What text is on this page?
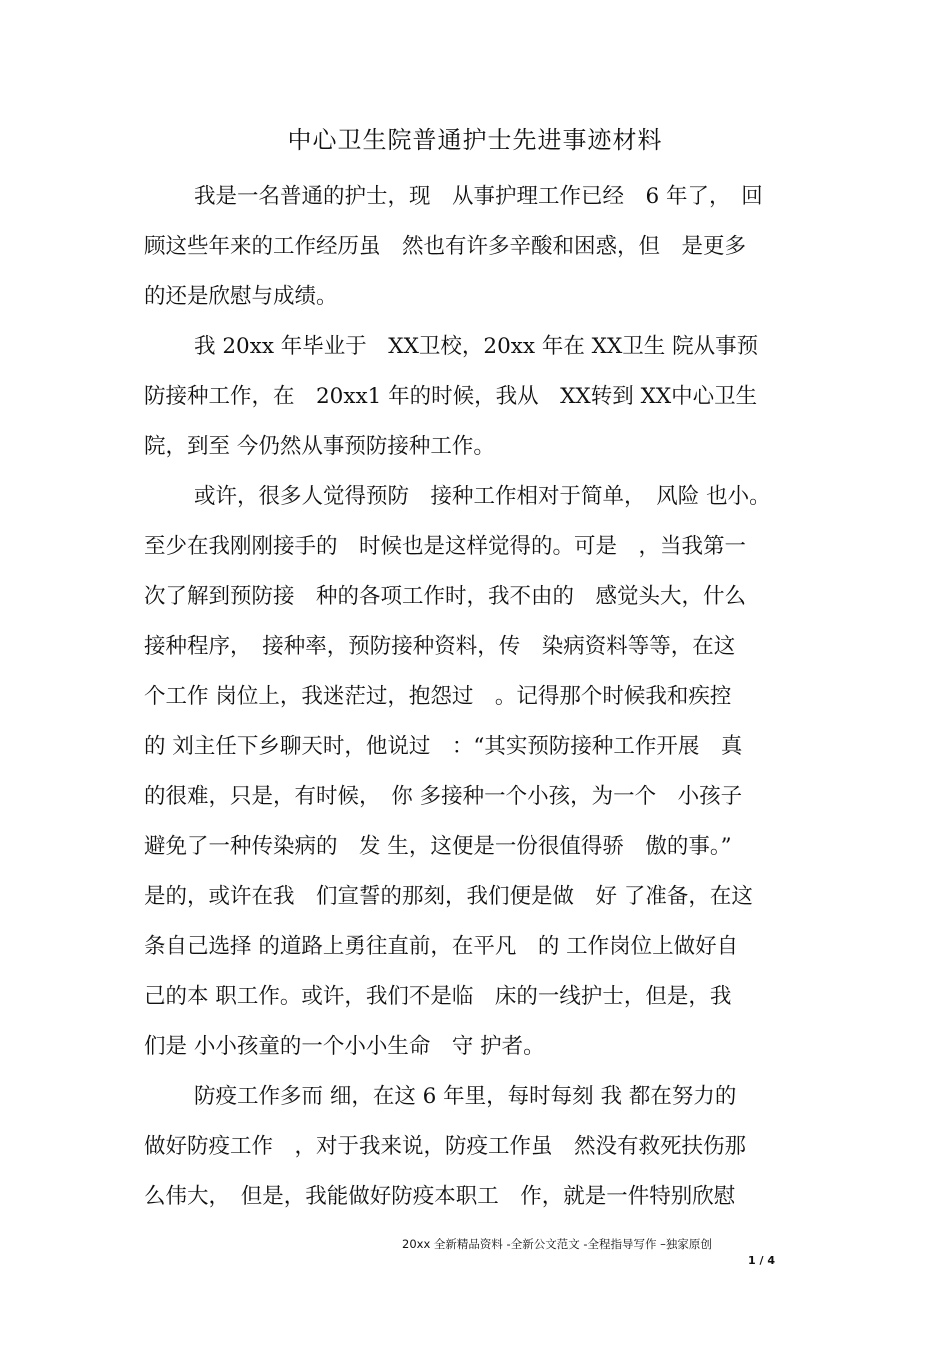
中心卫生院普通护士先进事迹材料
我是一名普通的护士，现　从事护理工作已经　6 年了，　回
顾这些年来的工作经历虽　然也有许多辛酸和困惑，但　是更多
的还是欣慰与成绩。
我 20xx 年毕业于　XX卫校，20xx 年在 XX卫生 院从事预
防接种工作，在　20xx1 年的时候，我从　XX转到 XX中心卫生
院，到至 今仍然从事预防接种工作。
或许，很多人觉得预防　接种工作相对于简单，　风险 也小。
至少在我刚刚接手的　时候也是这样觉得的。可是　，当我第一
次了解到预防接　种的各项工作时，我不由的　感觉头大，什么
接种程序，　接种率，预防接种资料，传　染病资料等等，在这
个工作 岗位上，我迷茫过，抱怨过　。记得那个时候我和疾控
的 刘主任下乡聊天时，他说过　：“其实预防接种工作开展　真
的很难，只是，有时候，　你 多接种一个小孩，为一个　小孩子
避免了一种传染病的　发 生，这便是一份很值得骄　傲的事。”
是的，或许在我　们宣誓的那刻，我们便是做　好 了准备，在这
条自己选择 的道路上勇往直前，在平凡　的 工作岗位上做好自
己的本 职工作。或许，我们不是临　床的一线护士，但是，我
们是 小小孩童的一个小小生命　守 护者。
防疫工作多而 细，在这 6 年里，每时每刻 我 都在努力的
做好防疫工作　，对于我来说，防疫工作虽　然没有救死扶伤那
么伟大，　但是，我能做好防疫本职工　作，就是一件特别欣慰
20xx 全新精品资料 -全新公文范文 -全程指导写作 –独家原创
1 / 4
